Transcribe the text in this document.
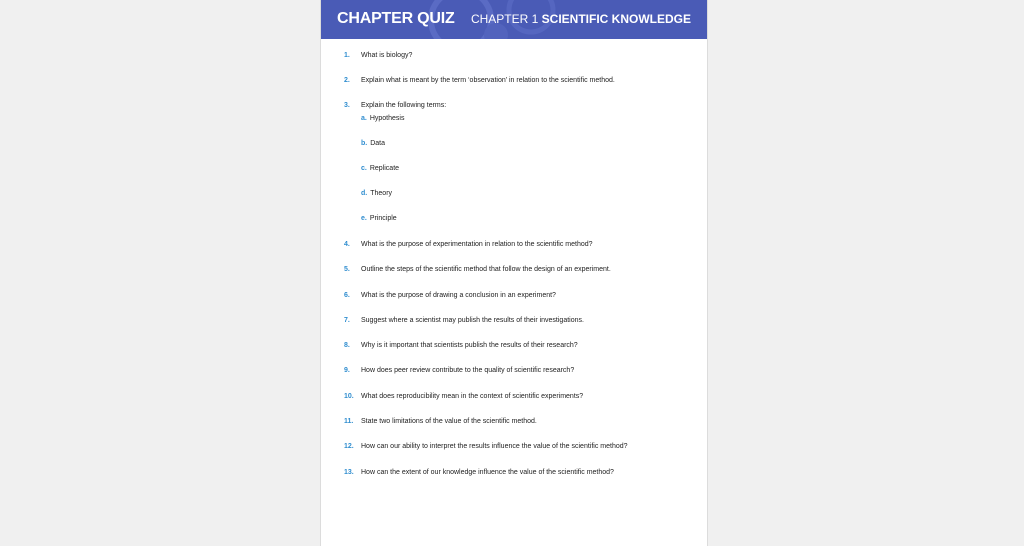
CHAPTER QUIZ CHAPTER 1 SCIENTIFIC KNOWLEDGE
1.	What is biology?
2.	Explain what is meant by the term ‘observation’ in relation to the scientific method.
3.	Explain the following terms:
a. Hypothesis
b. Data
c. Replicate
d. Theory
e. Principle
4.	What is the purpose of experimentation in relation to the scientific method?
5.	Outline the steps of the scientific method that follow the design of an experiment.
6.	What is the purpose of drawing a conclusion in an experiment?
7.	Suggest where a scientist may publish the results of their investigations.
8.	Why is it important that scientists publish the results of their research?
9.	How does peer review contribute to the quality of scientific research?
10.	What does reproducibility mean in the context of scientific experiments?
11.	State two limitations of the value of the scientific method.
12.	How can our ability to interpret the results influence the value of the scientific method?
13.	How can the extent of our knowledge influence the value of the scientific method?
